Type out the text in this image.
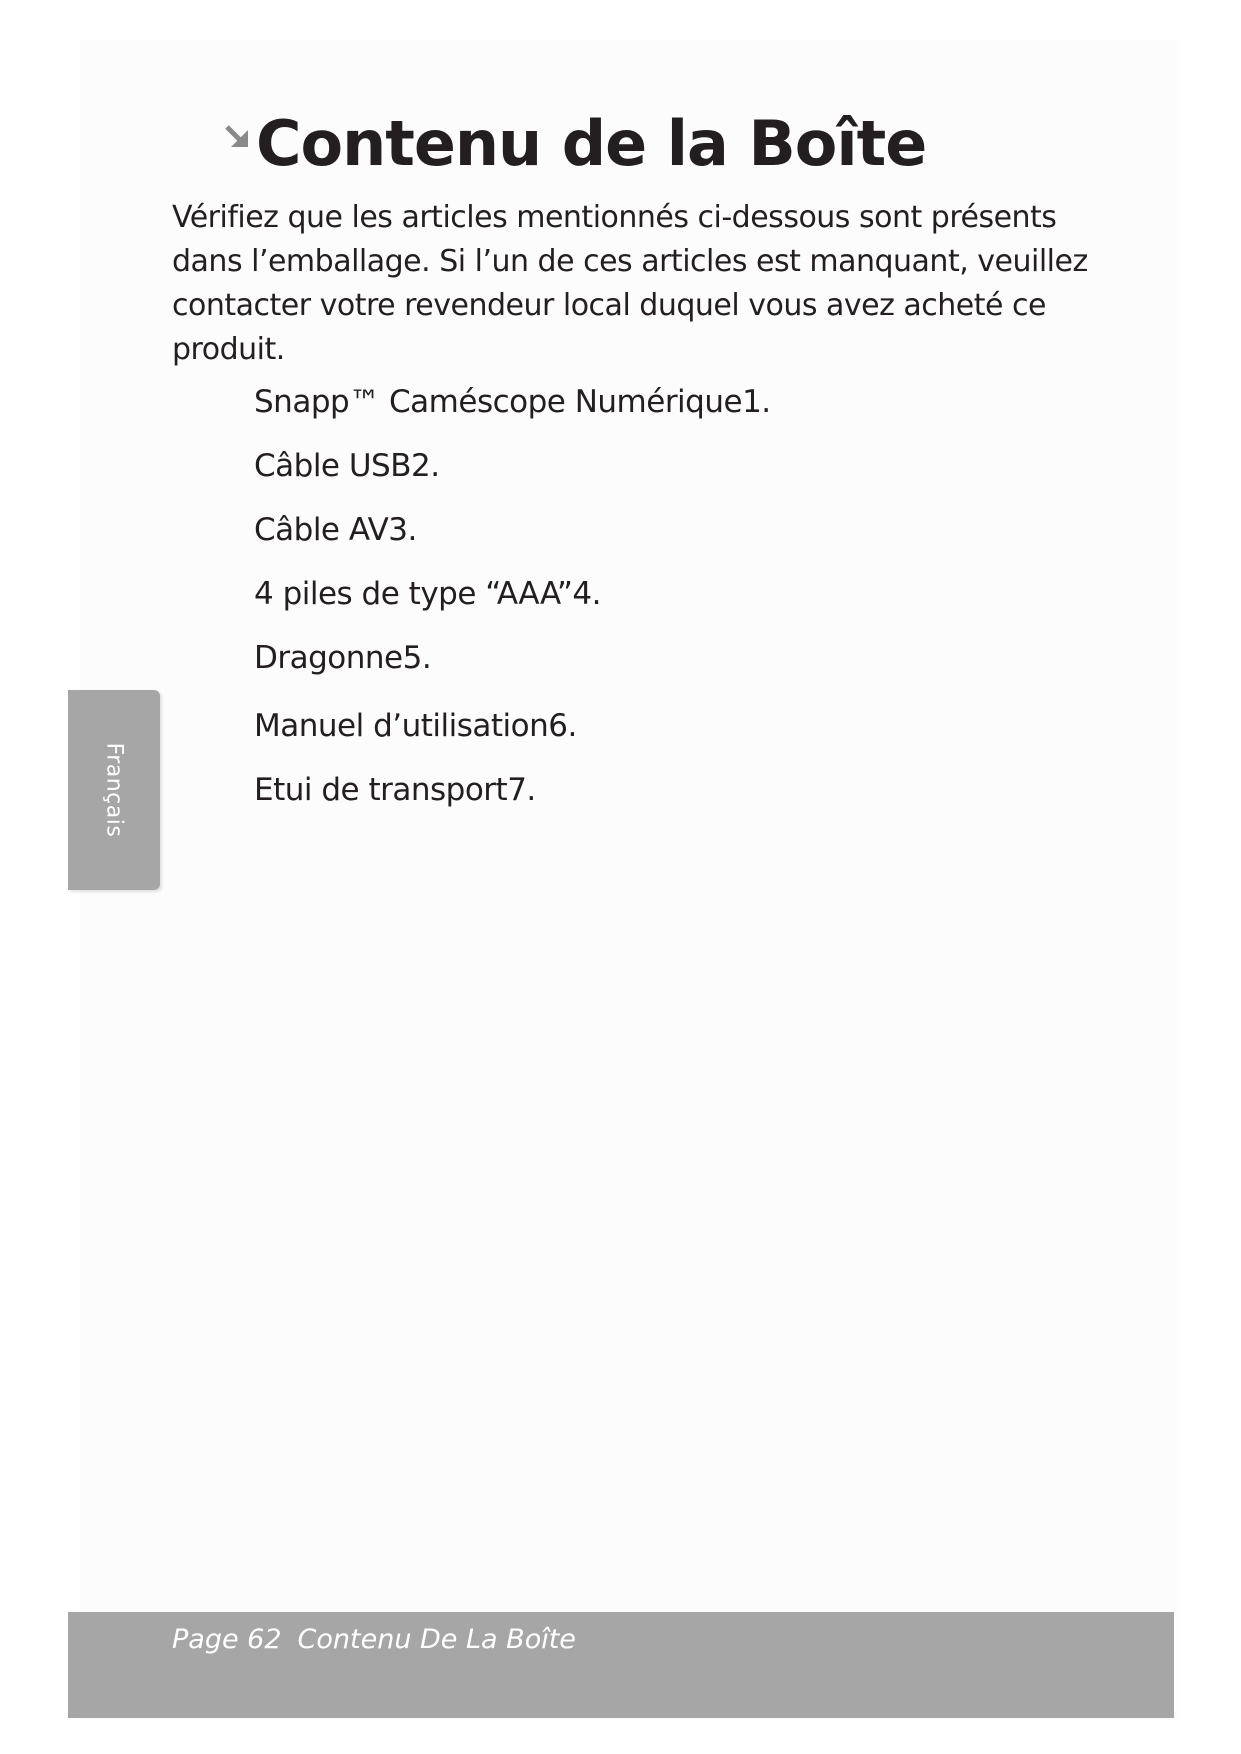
Contenu de la Boîte

Vérifiez que les articles mentionnés ci-dessous sont présents dans l’emballage. Si l’un de ces articles est manquant, veuillez contacter votre revendeur local duquel vous avez acheté ce produit.

Snapp™ Caméscope Numérique1.
Câble USB2.
Câble AV3.
4 piles de type “AAA”4.
Dragonne5.
Manuel d’utilisation6.
Etui de transport7.
Français
Page 62 Contenu De La Boîte
